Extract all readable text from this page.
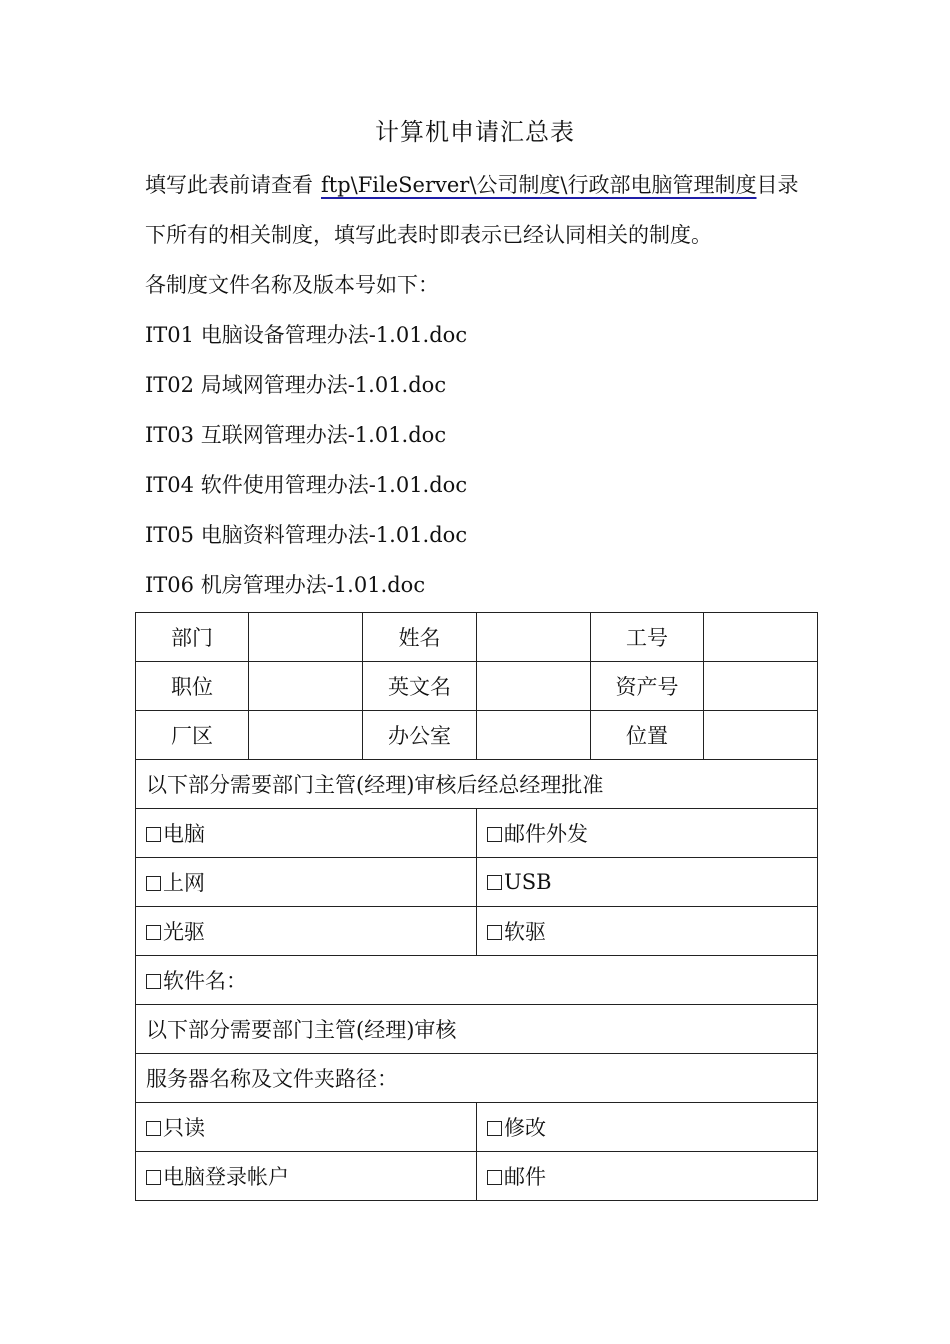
计算机申请汇总表
填写此表前请查看 ftp\FileServer\公司制度\行政部电脑管理制度目录
下所有的相关制度，填写此表时即表示已经认同相关的制度。
各制度文件名称及版本号如下：
IT01 电脑设备管理办法-1.01.doc
IT02 局域网管理办法-1.01.doc
IT03 互联网管理办法-1.01.doc
IT04 软件使用管理办法-1.01.doc
IT05 电脑资料管理办法-1.01.doc
IT06 机房管理办法-1.01.doc
部门		姓名		工号	
职位		英文名		资产号	
厂区		办公室		位置	
以下部分需要部门主管(经理)审核后经总经理批准					
电脑			邮件外发		
上网			USB		
光驱			软驱		
软件名：					
以下部分需要部门主管(经理)审核					
服务器名称及文件夹路径：					
只读			修改		
电脑登录帐户			邮件		
